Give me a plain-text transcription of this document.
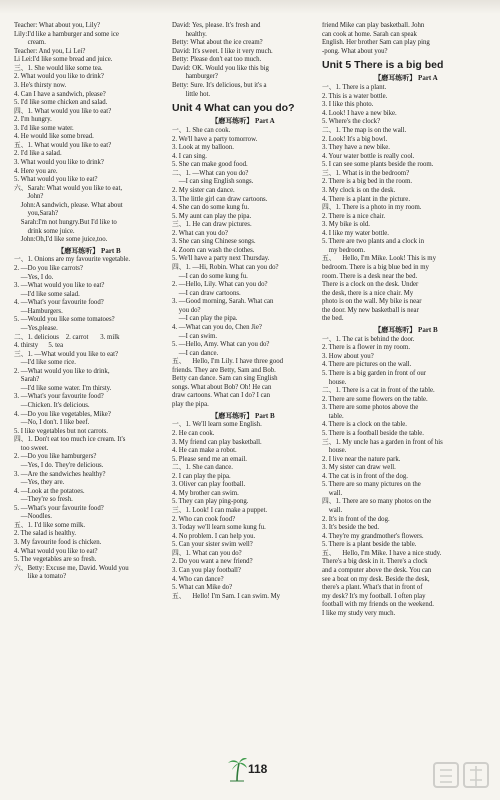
Teacher: What about you, Lily?
Lily:I'd like a hamburger and some ice
cream.
Teacher: And you, Li Lei?
Li Lei:I'd like some bread and juice.
三、1. She would like some tea.
2. What would you like to drink?
3. He's thirsty now.
4. Can I have a sandwich, please?
5. I'd like some chicken and salad.
四、1. What would you like to eat?
2. I'm hungry.
3. I'd like some water.
4. He would like some bread.
五、1. What would you like to eat?
2. I'd like a salad.
3. What would you like to drink?
4. Here you are.
5. What would you like to eat?
六、Sarah: What would you like to eat,
John?
John:A sandwich, please. What about
you,Sarah?
Sarah:I'm not hungry.But I'd like to
drink some juice.
John:Oh,I'd like some juice,too.
【磨耳练听】 Part B
一、1. Onions are my favourite vegetable.
2. —Do you like carrots?
—Yes, I do.
3. —What would you like to eat?
—I'd like some salad.
4. —What's your favourite food?
—Hamburgers.
5. —Would you like some tomatoes?
—Yes,please.
二、1. delicious    2. carrot       3. milk
4. thirsty      5. tea
三、1. —What would you like to eat?
—I'd like some rice.
2. —What would you like to drink,
Sarah?
—I'd like some water. I'm thirsty.
3. —What's your favourite food?
—Chicken. It's delicious.
4. —Do you like vegetables, Mike?
—No, I don't. I like beef.
5. I like vegetables but not carrots.
四、1. Don't eat too much ice cream. It's
too sweet.
2. —Do you like hamburgers?
—Yes, I do. They're delicious.
3. —Are the sandwiches healthy?
—Yes, they are.
4. —Look at the potatoes.
—They're so fresh.
5. —What's your favourite food?
—Noodles.
五、1. I'd like some milk.
2. The salad is healthy.
3. My favourite food is chicken.
4. What would you like to eat?
5. The vegetables are so fresh.
六、Betty: Excuse me, David. Would you
like a tomato?
David: Yes, please. It's fresh and
healthy.
Betty: What about the ice cream?
David: It's sweet. I like it very much.
Betty: Please don't eat too much.
David: OK. Would you like this big
hamburger?
Betty: Sure. It's delicious, but it's a
little hot.
Unit 4 What can you do?
【磨耳练听】 Part A
一、1. She can cook.
2. We'll have a party tomorrow.
3. Look at my balloon.
4. I can sing.
5. She can make good food.
二、1. —What can you do?
—I can sing English songs.
2. My sister can dance.
3. The little girl can draw cartoons.
4. She can do some kung fu.
5. My aunt can play the pipa.
三、1. He can draw pictures.
2. What can you do?
3. She can sing Chinese songs.
4. Zoom can wash the clothes.
5. We'll have a party next Thursday.
四、1. —Hi, Robin. What can you do?
—I can do some kung fu.
2. —Hello, Lily. What can you do?
—I can draw cartoons.
3. —Good morning, Sarah. What can
you do?
—I can play the pipa.
4. —What can you do, Chen Jie?
—I can swim.
5. —Hello, Amy. What can you do?
—I can dance.
五、    Hello, I'm Lily. I have three good
friends. They are Betty, Sam and Bob.
Betty can dance. Sam can sing English
songs. What about Bob? Oh! He can
draw cartoons. What can I do? I can
play the pipa.
【磨耳练听】 Part B
一、1. We'll learn some English.
2. He can cook.
3. My friend can play basketball.
4. He can make a robot.
5. Please send me an email.
二、1. She can dance.
2. I can play the pipa.
3. Oliver can play football.
4. My brother can swim.
5. They can play ping-pong.
三、1. Look! I can make a puppet.
2. Who can cook food?
3. Today we'll learn some kung fu.
4. No problem. I can help you.
5. Can your sister swim well?
四、1. What can you do?
2. Do you want a new friend?
3. Can you play football?
4. Who can dance?
5. What can Mike do?
五、    Hello! I'm Sam. I can swim. My
friend Mike can play basketball. John
can cook at home. Sarah can speak
English. Her brother Sam can play ping
-pong. What about you?
Unit 5 There is a big bed
【磨耳练听】 Part A
一、1. There is a plant.
2. This is a water bottle.
3. I like this photo.
4. Look! I have a new bike.
5. Where's the clock?
二、1. The map is on the wall.
2. Look! It's a big bowl.
3. They have a new bike.
4. Your water bottle is really cool.
5. I can see some plants beside the room.
三、1. What is in the bedroom?
2. There is a big bed in the room.
3. My clock is on the desk.
4. There is a plant in the picture.
四、1. There is a photo in my room.
2. There is a nice chair.
3. My bike is old.
4. I like my water bottle.
5. There are two plants and a clock in
my bedroom.
五、    Hello, I'm Mike. Look! This is my
bedroom. There is a big blue bed in my
room. There is a desk near the bed.
There is a clock on the desk. Under
the desk, there is a nice chair. My
photo is on the wall. My bike is near
the door. My new basketball is near
the bed.
【磨耳练听】 Part B
一、1. The cat is behind the door.
2. There is a flower in my room.
3. How about you?
4. There are pictures on the wall.
5. There is a big garden in front of our
house.
二、1. There is a cat in front of the table.
2. There are some flowers on the table.
3. There are some photos above the
table.
4. There is a clock on the table.
5. There is a football beside the table.
三、1. My uncle has a garden in front of his
house.
2. I live near the nature park.
3. My sister can draw well.
4. The cat is in front of the dog.
5. There are so many pictures on the
wall.
四、1. There are so many photos on the
wall.
2. It's in front of the dog.
3. It's beside the bed.
4. They're my grandmother's flowers.
5. There is a plant beside the table.
五、    Hello, I'm Mike. I have a nice study.
There's a big desk in it. There's a clock
and a computer above the desk. You can
see a boat on my desk. Beside the desk,
there's a plant. What's that in front of
my desk? It's my football. I often play
football with my friends on the weekend.
I like my study very much.
118
